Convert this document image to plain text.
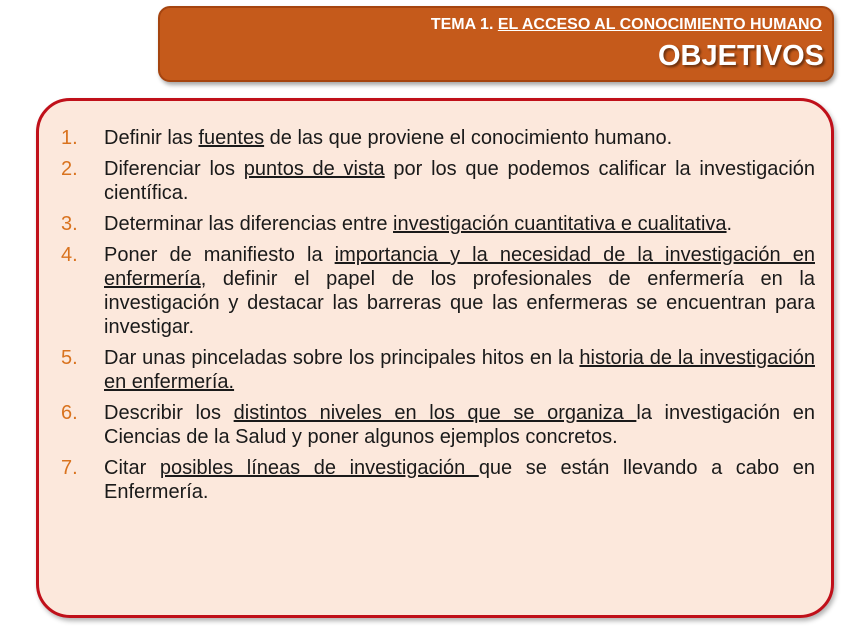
TEMA 1. EL ACCESO AL CONOCIMIENTO HUMANO
OBJETIVOS
1. Definir las fuentes de las que proviene el conocimiento humano.
2. Diferenciar los puntos de vista por los que podemos calificar la investigación científica.
3. Determinar las diferencias entre investigación cuantitativa e cualitativa.
4. Poner de manifiesto la importancia y la necesidad de la investigación en enfermería, definir el papel de los profesionales de enfermería en la investigación y destacar las barreras que las enfermeras se encuentran para investigar.
5. Dar unas pinceladas sobre los principales hitos en la historia de la investigación en enfermería.
6. Describir los distintos niveles en los que se organiza la investigación en Ciencias de la Salud y poner algunos ejemplos concretos.
7. Citar posibles líneas de investigación que se están llevando a cabo en Enfermería.
